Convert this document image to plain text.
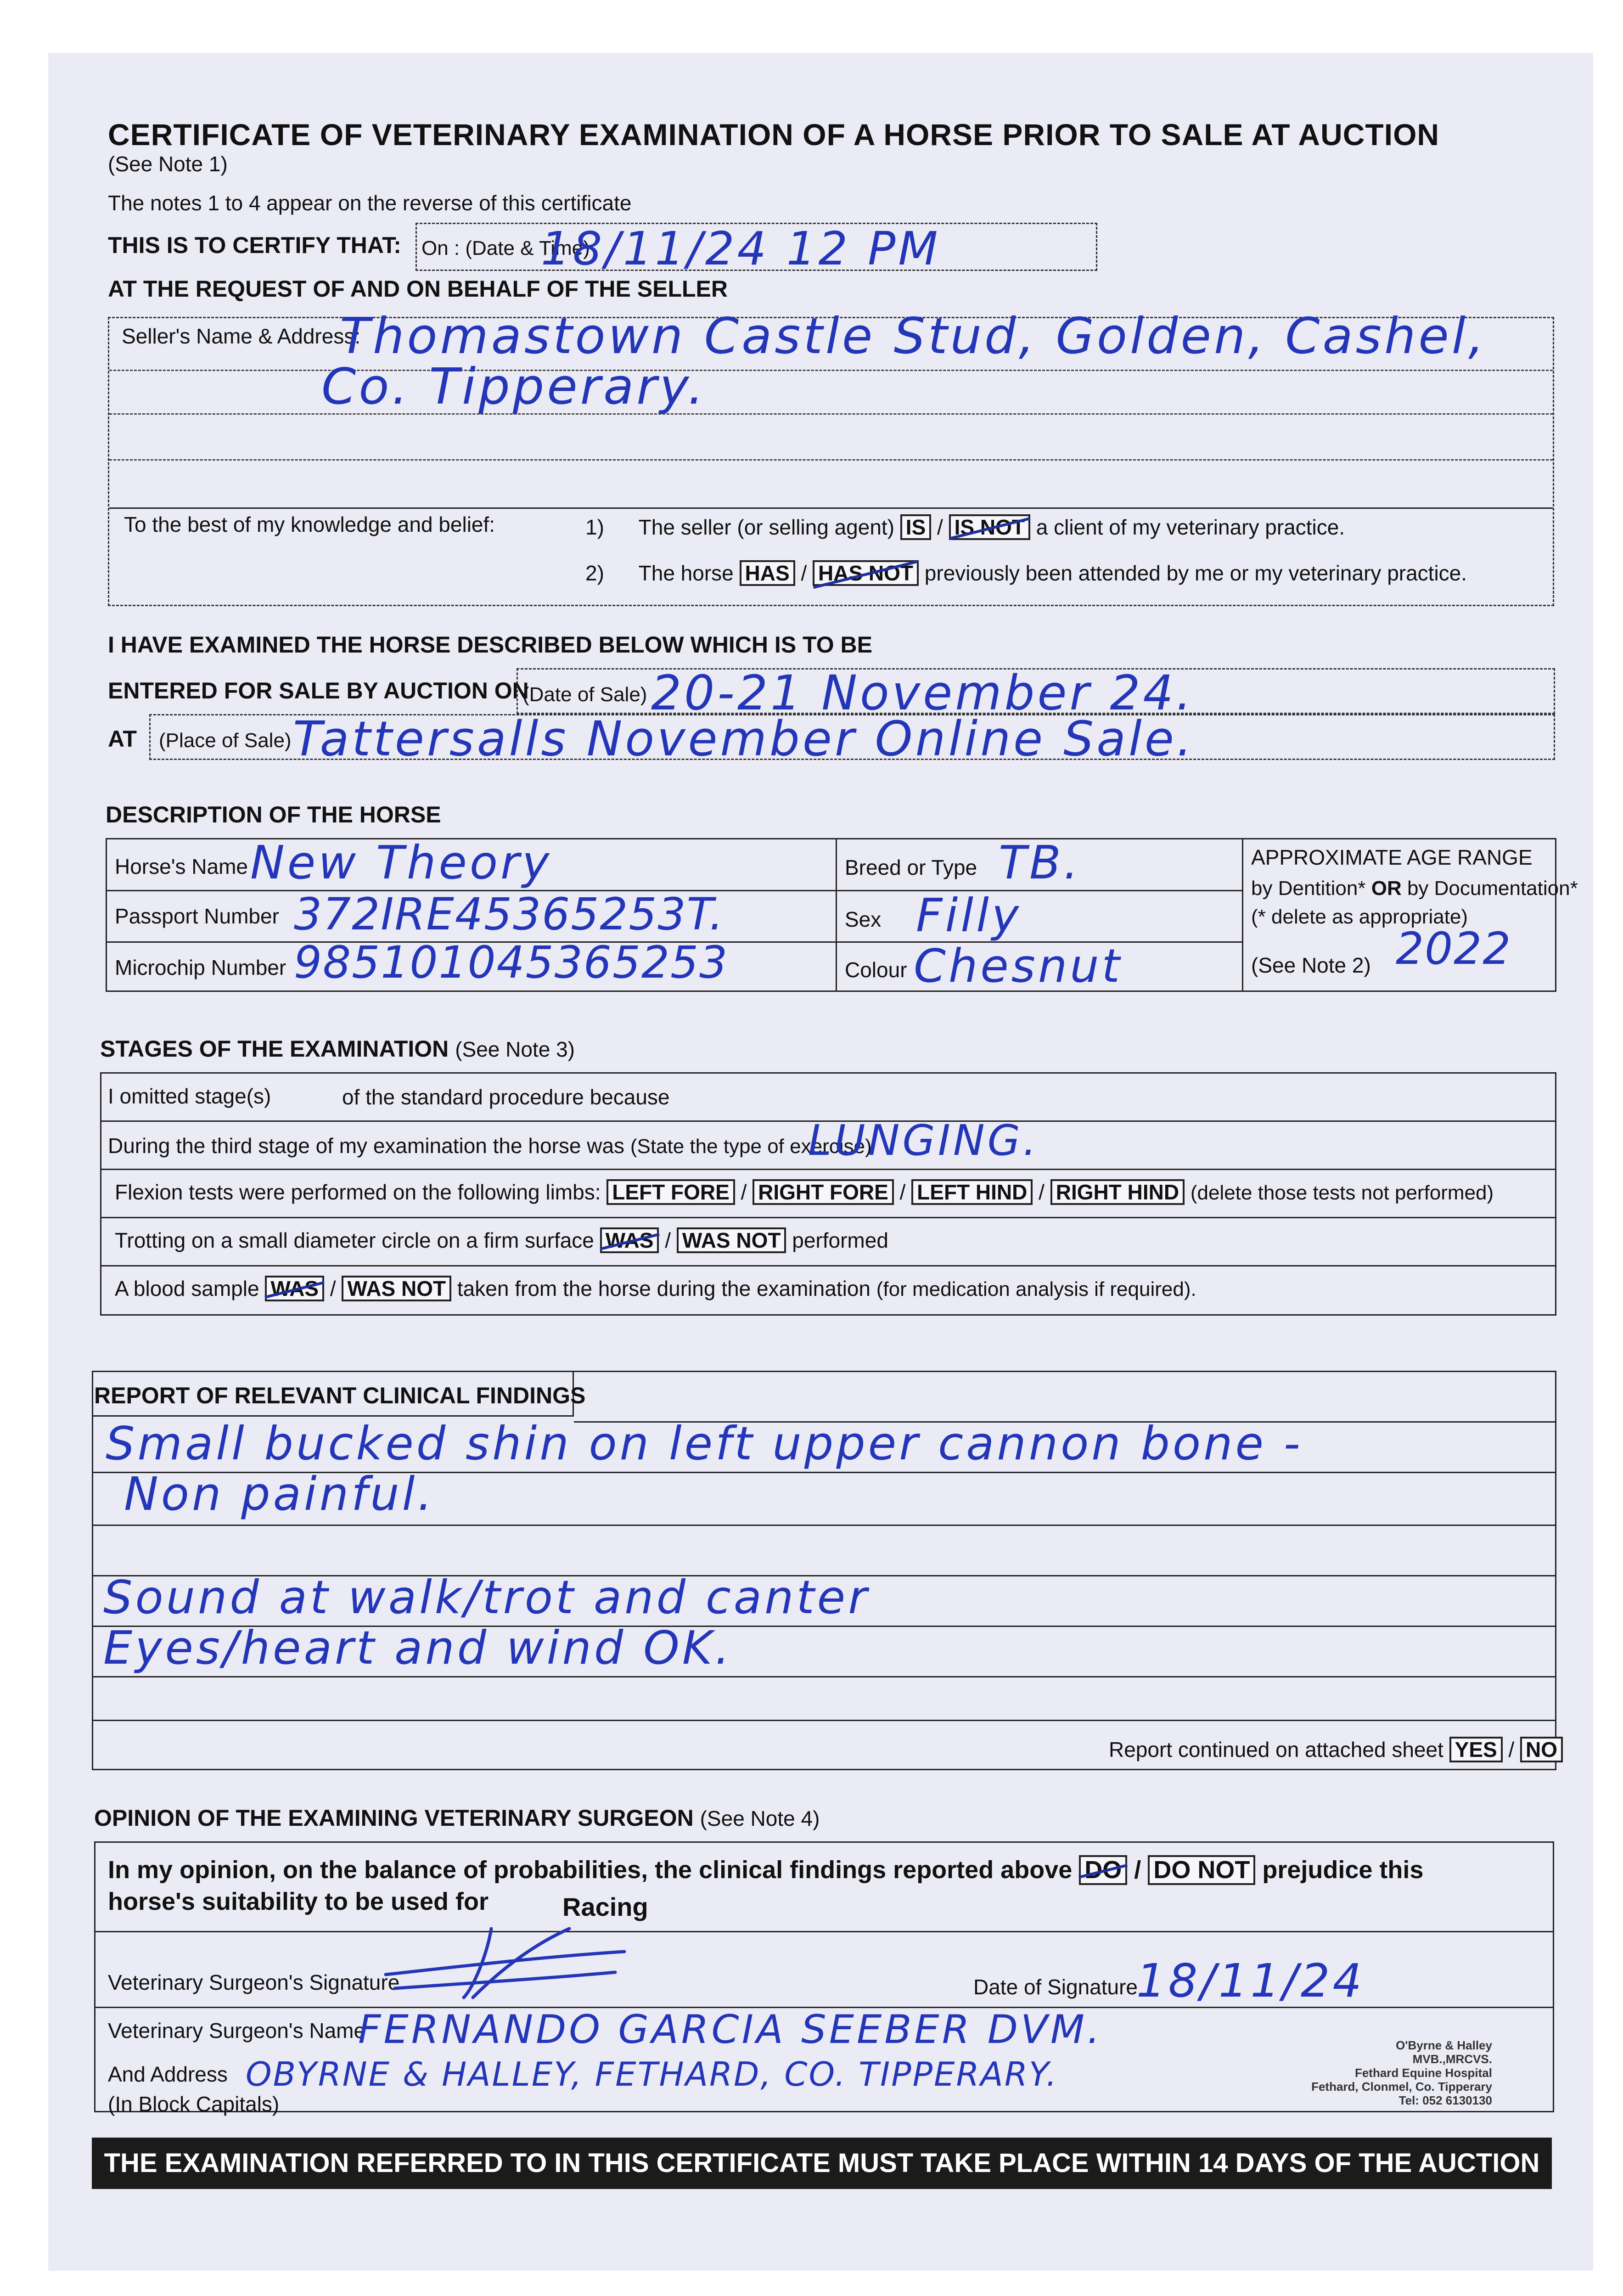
CERTIFICATE OF VETERINARY EXAMINATION OF A HORSE PRIOR TO SALE AT AUCTION
(See Note 1)
The notes 1 to 4 appear on the reverse of this certificate
THIS IS TO CERTIFY THAT: On : (Date & Time)
18/11/24 12 PM
AT THE REQUEST OF AND ON BEHALF OF THE SELLER
Seller's Name & Address:
Thomastown Castle Stud, Golden, Cashel,
Co. Tipperary.
To the best of my knowledge and belief:	1) The seller (or selling agent) IS / IS NOT a client of my veterinary practice.
2) The horse HAS / HAS NOT previously been attended by me or my veterinary practice.
I HAVE EXAMINED THE HORSE DESCRIBED BELOW WHICH IS TO BE
ENTERED FOR SALE BY AUCTION ON
(Date of Sale) 20-21 November 24.
AT (Place of Sale) Tattersalls November Online Sale.
DESCRIPTION OF THE HORSE
Horse's Name New Theory
Passport Number 372IRE45365253T.
Microchip Number 985101045365253
Breed or Type TB.
Sex Filly
Colour Chesnut
APPROXIMATE AGE RANGE
by Dentition* OR by Documentation*
(* delete as appropriate)
(See Note 2) 2022
STAGES OF THE EXAMINATION (See Note 3)
I omitted stage(s)	of the standard procedure because
During the third stage of my examination the horse was (State the type of exercise)
LUNGING.
Flexion tests were performed on the following limbs: LEFT FORE / RIGHT FORE / LEFT HIND / RIGHT HIND (delete those tests not performed)
Trotting on a small diameter circle on a firm surface WAS / WAS NOT performed
A blood sample WAS / WAS NOT taken from the horse during the examination (for medication analysis if required).
REPORT OF RELEVANT CLINICAL FINDINGS
Small bucked shin on left upper cannon bone -
Non painful.
Sound at walk/trot and canter
Eyes/heart and wind OK.
Report continued on attached sheet YES / NO
OPINION OF THE EXAMINING VETERINARY SURGEON (See Note 4)
In my opinion, on the balance of probabilities, the clinical findings reported above DO / DO NOT prejudice this
horse's suitability to be used for	Racing
Veterinary Surgeon's Signature	Date of Signature
18/11/24
Veterinary Surgeon's Name
FERNANDO GARCIA SEEBER DVM.
And Address OBYRNE & HALLEY, FETHARD, CO. TIPPERARY.
(In Block Capitals)
O'Byrne & Halley
MVB.,MRCVS.
Fethard Equine Hospital
Fethard, Clonmel, Co. Tipperary
Tel: 052 6130130
THE EXAMINATION REFERRED TO IN THIS CERTIFICATE MUST TAKE PLACE WITHIN 14 DAYS OF THE AUCTION
